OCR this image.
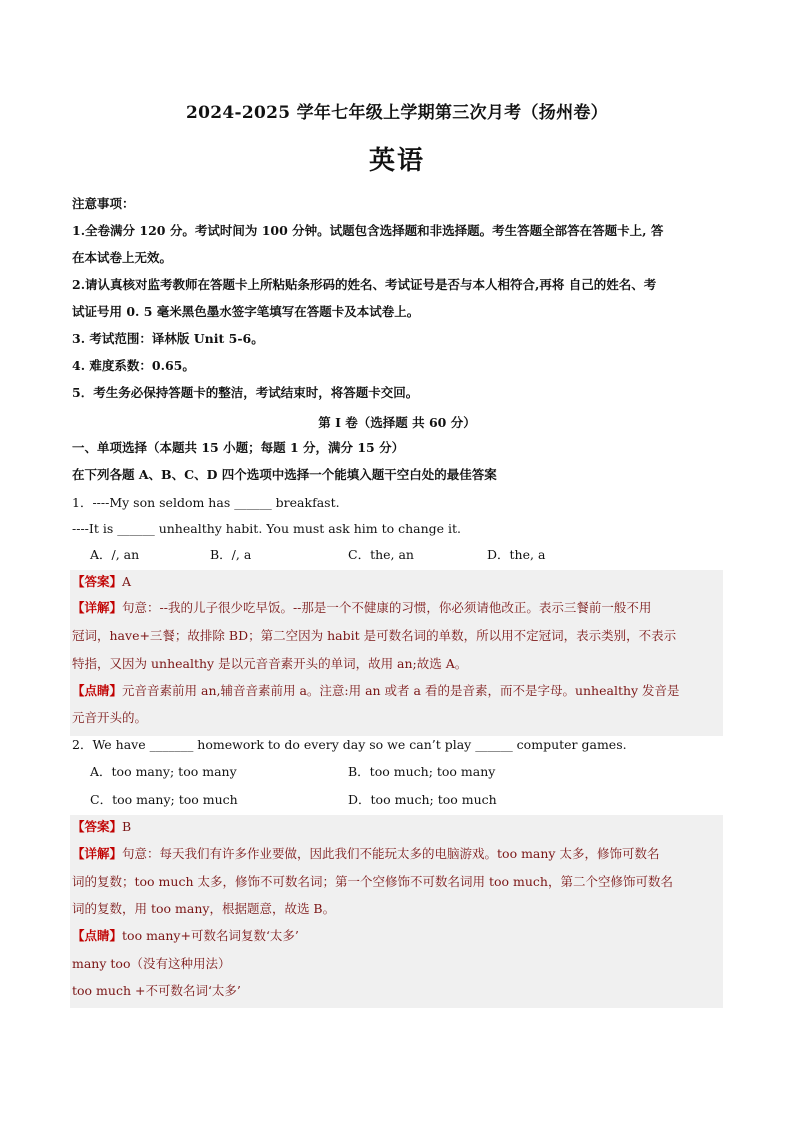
2024-2025 学年七年级上学期第三次月考（扬州卷）
英语
注意事项：
1.全卷满分 120 分。考试时间为 100 分钟。试题包含选择题和非选择题。考生答题全部答在答题卡上, 答
在本试卷上无效。
2.请认真核对监考教师在答题卡上所粘贴条形码的姓名、考试证号是否与本人相符合,再将 自己的姓名、考
试证号用 0. 5 毫米黑色墨水签字笔填写在答题卡及本试卷上。
3. 考试范围：译林版 Unit 5-6。
4. 难度系数：0.65。
5．考生务必保持答题卡的整洁，考试结束时，将答题卡交回。
第 I 卷（选择题 共 60 分）
一、单项选择（本题共 15 小题；每题 1 分，满分 15 分）
在下列各题 A、B、C、D 四个选项中选择一个能填入题干空白处的最佳答案
1．----My son seldom has ______ breakfast.
----It is ______ unhealthy habit. You must ask him to change it.
A．/, an	B．/, a	C．the, an	D．the, a
【答案】A
【详解】句意：--我的儿子很少吃早饭。--那是一个不健康的习惯，你必须请他改正。表示三餐前一般不用
冠词，have+三餐；故排除 BD；第二空因为 habit 是可数名词的单数，所以用不定冠词，表示类别，不表示
特指，又因为 unhealthy 是以元音音素开头的单词，故用 an;故选 A。
【点睛】元音音素前用 an,辅音音素前用 a。注意:用 an 或者 a 看的是音素，而不是字母。unhealthy 发音是
元音开头的。
2．We have _______ homework to do every day so we can’t play ______ computer games.
A．too many; too many	B．too much; too many
C．too many; too much	D．too much; too much
【答案】B
【详解】句意：每天我们有许多作业要做，因此我们不能玩太多的电脑游戏。too many 太多，修饰可数名
词的复数；too much 太多，修饰不可数名词；第一个空修饰不可数名词用 too much，第二个空修饰可数名
词的复数，用 too many，根据题意，故选 B。
【点睛】too many+可数名词复数‘太多’
many too（没有这种用法）
too much +不可数名词‘太多’
